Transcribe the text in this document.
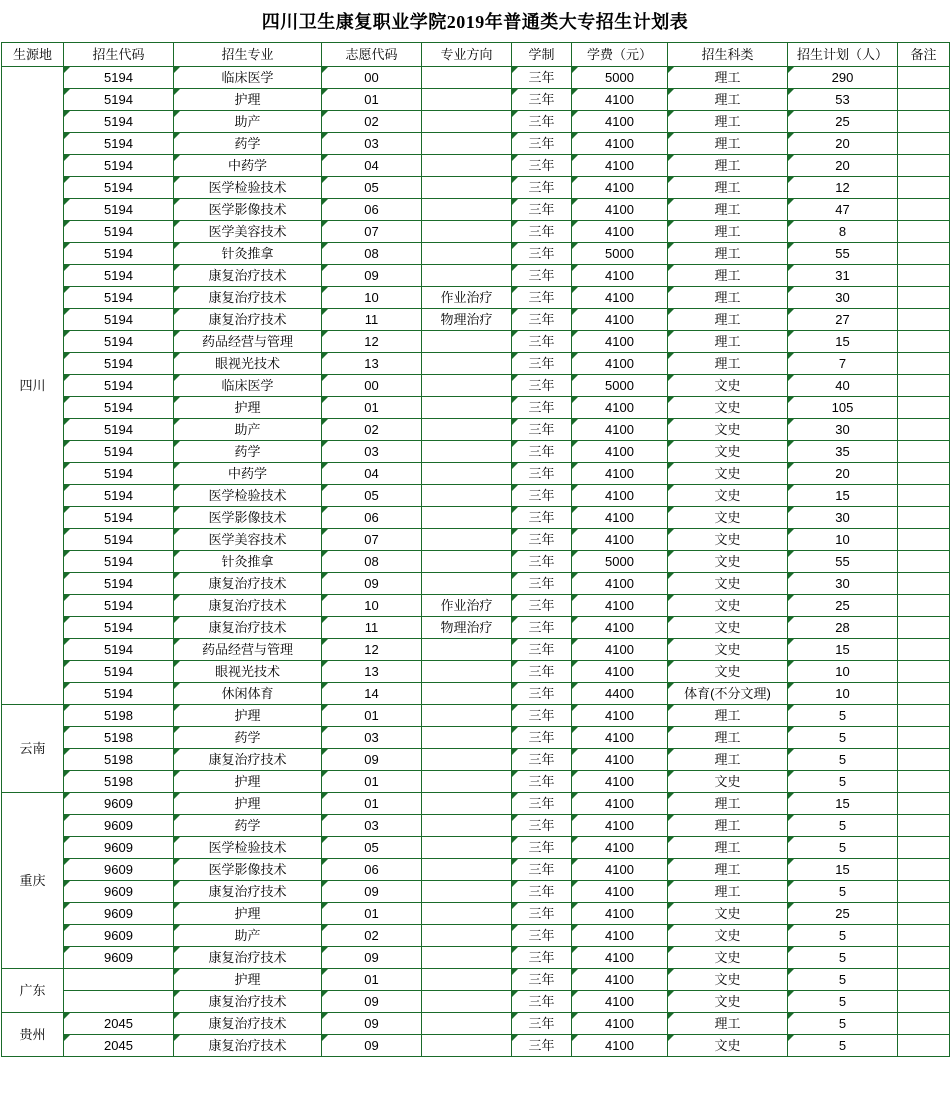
四川卫生康复职业学院2019年普通类大专招生计划表
生源地	招生代码	招生专业	志愿代码	专业方向	学制	学费（元）	招生科类	招生计划（人）	备注
四川	5194	临床医学	00		三年	5000	理工	290	
	5194	护理	01		三年	4100	理工	53	
	5194	助产	02		三年	4100	理工	25	
	5194	药学	03		三年	4100	理工	20	
	5194	中药学	04		三年	4100	理工	20	
	5194	医学检验技术	05		三年	4100	理工	12	
	5194	医学影像技术	06		三年	4100	理工	47	
	5194	医学美容技术	07		三年	4100	理工	8	
	5194	针灸推拿	08		三年	5000	理工	55	
	5194	康复治疗技术	09		三年	4100	理工	31	
	5194	康复治疗技术	10	作业治疗	三年	4100	理工	30	
	5194	康复治疗技术	11	物理治疗	三年	4100	理工	27	
	5194	药品经营与管理	12		三年	4100	理工	15	
	5194	眼视光技术	13		三年	4100	理工	7	
	5194	临床医学	00		三年	5000	文史	40	
	5194	护理	01		三年	4100	文史	105	
	5194	助产	02		三年	4100	文史	30	
	5194	药学	03		三年	4100	文史	35	
	5194	中药学	04		三年	4100	文史	20	
	5194	医学检验技术	05		三年	4100	文史	15	
	5194	医学影像技术	06		三年	4100	文史	30	
	5194	医学美容技术	07		三年	4100	文史	10	
	5194	针灸推拿	08		三年	5000	文史	55	
	5194	康复治疗技术	09		三年	4100	文史	30	
	5194	康复治疗技术	10	作业治疗	三年	4100	文史	25	
	5194	康复治疗技术	11	物理治疗	三年	4100	文史	28	
	5194	药品经营与管理	12		三年	4100	文史	15	
	5194	眼视光技术	13		三年	4100	文史	10	
	5194	休闲体育	14		三年	4400	体育(不分文理)	10	
云南	5198	护理	01		三年	4100	理工	5	
	5198	药学	03		三年	4100	理工	5	
	5198	康复治疗技术	09		三年	4100	理工	5	
	5198	护理	01		三年	4100	文史	5	
重庆	9609	护理	01		三年	4100	理工	15	
	9609	药学	03		三年	4100	理工	5	
	9609	医学检验技术	05		三年	4100	理工	5	
	9609	医学影像技术	06		三年	4100	理工	15	
	9609	康复治疗技术	09		三年	4100	理工	5	
	9609	护理	01		三年	4100	文史	25	
	9609	助产	02		三年	4100	文史	5	
	9609	康复治疗技术	09		三年	4100	文史	5	
广东		护理	01		三年	4100	文史	5	
		康复治疗技术	09		三年	4100	文史	5	
贵州	2045	康复治疗技术	09		三年	4100	理工	5	
	2045	康复治疗技术	09		三年	4100	文史	5	
